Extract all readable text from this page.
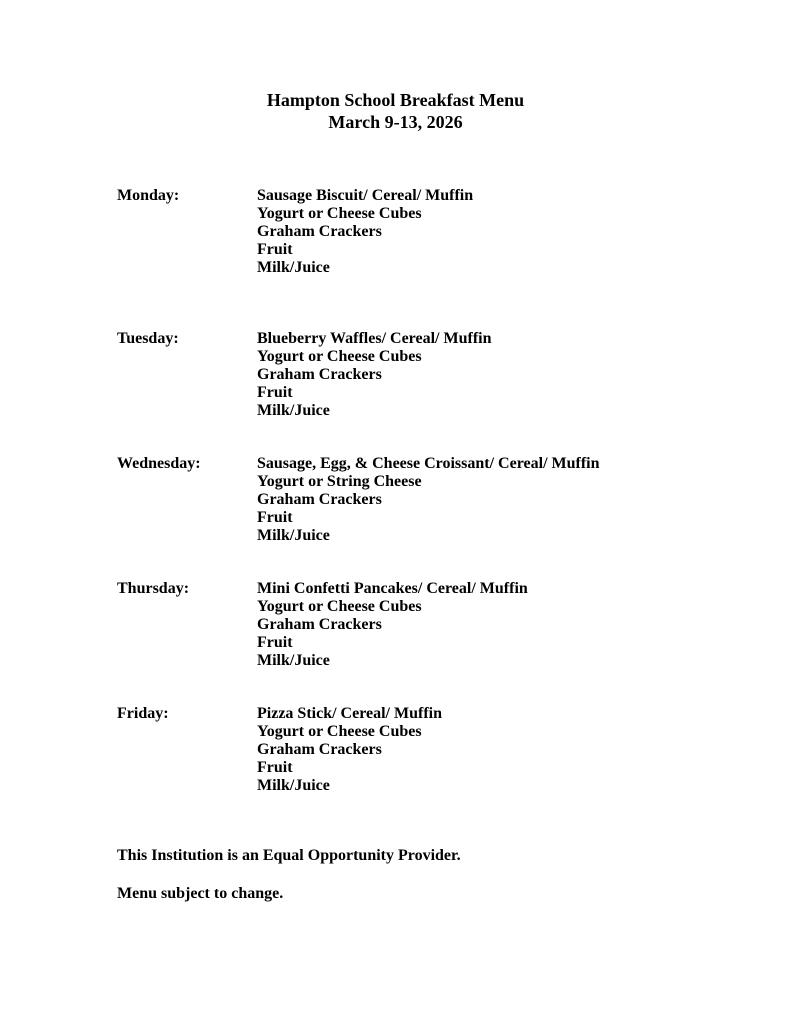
Hampton School Breakfast Menu
March 9-13, 2026
Monday:	Sausage Biscuit/ Cereal/ Muffin
Yogurt or Cheese Cubes
Graham Crackers
Fruit
Milk/Juice
Tuesday:	Blueberry Waffles/ Cereal/ Muffin
Yogurt or Cheese Cubes
Graham Crackers
Fruit
Milk/Juice
Wednesday:	Sausage, Egg, & Cheese Croissant/ Cereal/ Muffin
Yogurt or String Cheese
Graham Crackers
Fruit
Milk/Juice
Thursday:	Mini Confetti Pancakes/ Cereal/ Muffin
Yogurt or Cheese Cubes
Graham Crackers
Fruit
Milk/Juice
Friday:	Pizza Stick/ Cereal/ Muffin
Yogurt or Cheese Cubes
Graham Crackers
Fruit
Milk/Juice

This Institution is an Equal Opportunity Provider.

Menu subject to change.
